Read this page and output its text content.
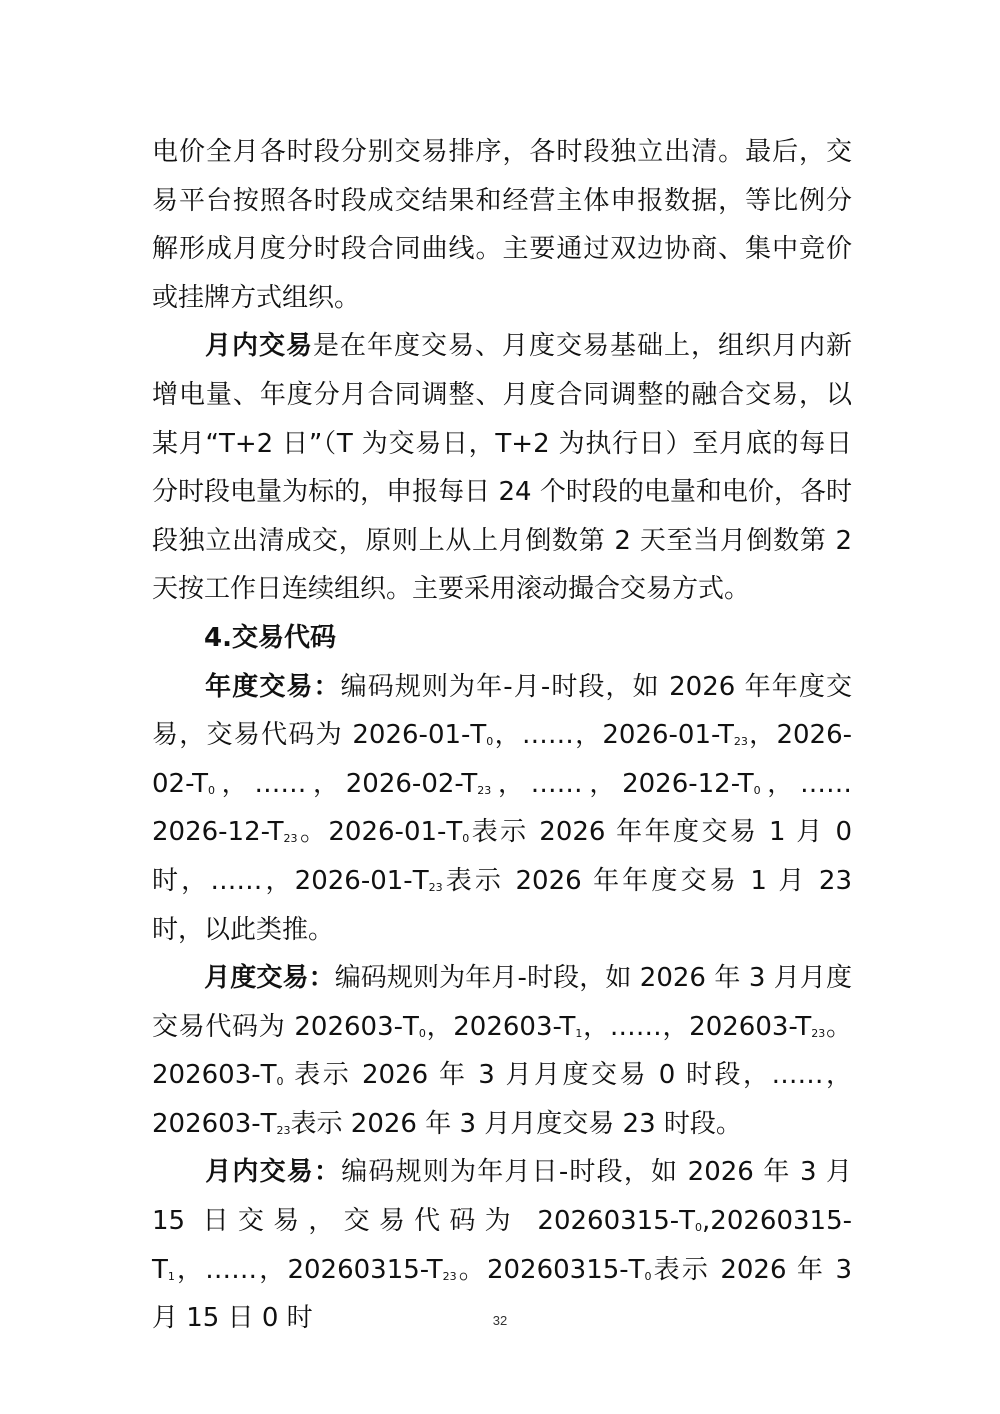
电价全月各时段分别交易排序，各时段独立出清。最后，交易平台按照各时段成交结果和经营主体申报数据，等比例分解形成月度分时段合同曲线。主要通过双边协商、集中竞价或挂牌方式组织。

月内交易是在年度交易、月度交易基础上，组织月内新增电量、年度分月合同调整、月度合同调整的融合交易，以某月“T+2 日”（T 为交易日，T+2 为执行日）至月底的每日分时段电量为标的，申报每日 24 个时段的电量和电价，各时段独立出清成交，原则上从上月倒数第 2 天至当月倒数第 2 天按工作日连续组织。主要采用滚动撮合交易方式。

4.交易代码

年度交易：编码规则为年-月-时段，如 2026 年年度交易，交易代码为 $2026-01-T_0$，……，$2026-01-T_{23}$，$2026-02-T_0$，……，$2026-02-T_{23}$，……，$2026-12-T_0$，$\dots\dots 2026-12-T_{23}$。$2026-01-T_0$表示 2026 年年度交易 1 月 0 时，……，$2026-01-T_{23}$表示 2026 年年度交易 1 月 23 时，以此类推。

月度交易：编码规则为年月-时段，如 2026 年 3 月月度交易代码为 $202603-T_0$，$202603-T_1$，……，$202603-T_{23}$。$202603-T_0$ 表示 2026 年 3 月月度交易 0 时段，……，$202603-T_{23}$表示 2026 年 3 月月度交易 23 时段。

月内交易：编码规则为年月日-时段，如 2026 年 3 月 15 日交易，交易代码为 $20260315-T_0,20260315-T_1$，……，$20260315-T_{23}$。$20260315-T_0$表示 2026 年 3 月 15 日 0 时	32
